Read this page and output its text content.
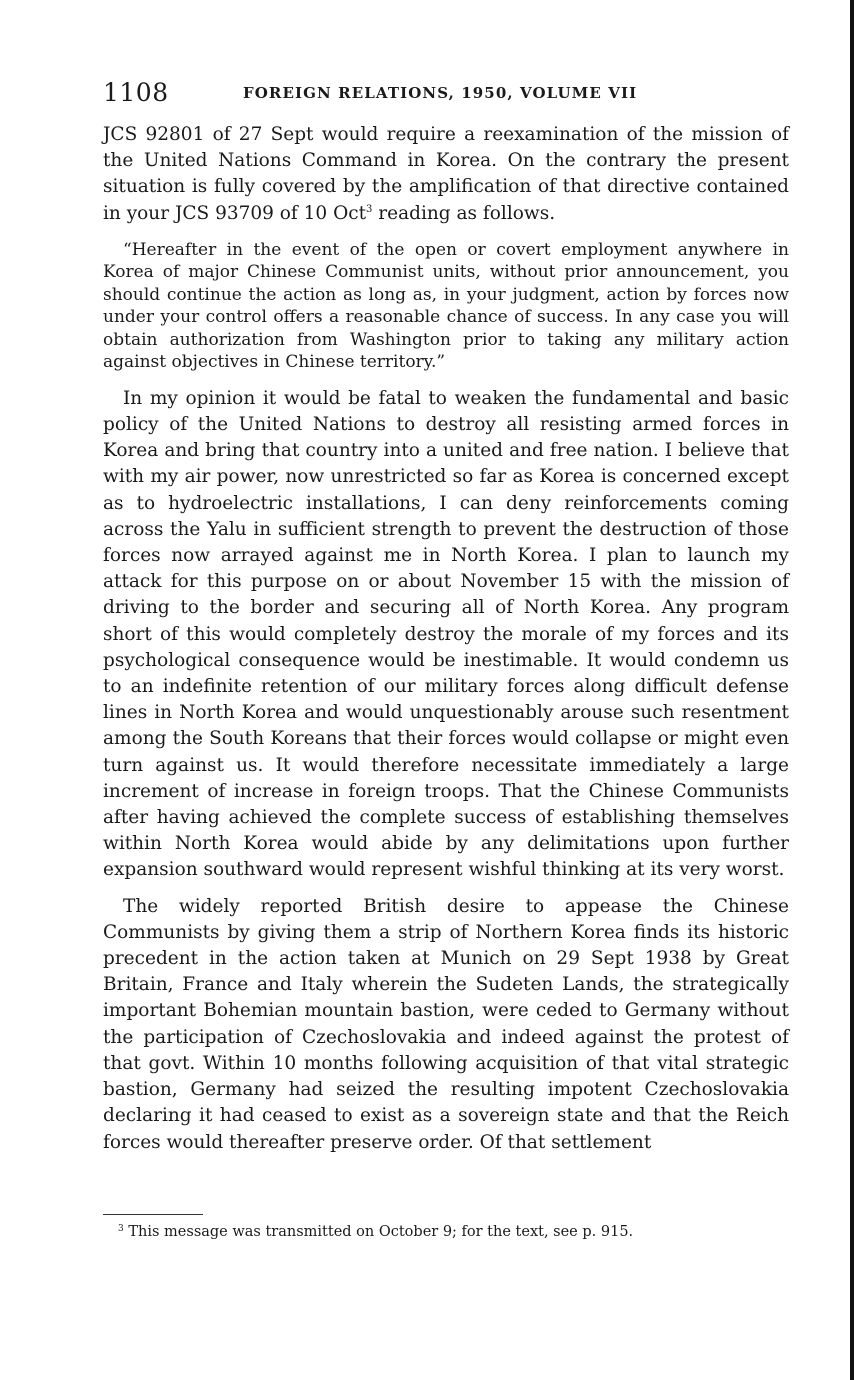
1108	FOREIGN RELATIONS, 1950, VOLUME VII

JCS 92801 of 27 Sept would require a reexamination of the mission of the United Nations Command in Korea. On the contrary the present situation is fully covered by the amplification of that directive contained in your JCS 93709 of 10 Oct$^3$ reading as follows.

“Hereafter in the event of the open or covert employment anywhere in Korea of major Chinese Communist units, without prior announcement, you should continue the action as long as, in your judgment, action by forces now under your control offers a reasonable chance of success. In any case you will obtain authorization from Washington prior to taking any military action against objectives in Chinese territory.”

In my opinion it would be fatal to weaken the fundamental and basic policy of the United Nations to destroy all resisting armed forces in Korea and bring that country into a united and free nation. I believe that with my air power, now unrestricted so far as Korea is concerned except as to hydroelectric installations, I can deny reinforcements coming across the Yalu in sufficient strength to prevent the destruction of those forces now arrayed against me in North Korea. I plan to launch my attack for this purpose on or about November 15 with the mission of driving to the border and securing all of North Korea. Any program short of this would completely destroy the morale of my forces and its psychological consequence would be inestimable. It would condemn us to an indefinite retention of our military forces along difficult defense lines in North Korea and would unquestionably arouse such resentment among the South Koreans that their forces would collapse or might even turn against us. It would therefore necessitate immediately a large increment of increase in foreign troops. That the Chinese Communists after having achieved the complete success of establishing themselves within North Korea would abide by any delimitations upon further expansion southward would represent wishful thinking at its very worst.

The widely reported British desire to appease the Chinese Communists by giving them a strip of Northern Korea finds its historic precedent in the action taken at Munich on 29 Sept 1938 by Great Britain, France and Italy wherein the Sudeten Lands, the strategically important Bohemian mountain bastion, were ceded to Germany without the participation of Czechoslovakia and indeed against the protest of that govt. Within 10 months following acquisition of that vital strategic bastion, Germany had seized the resulting impotent Czechoslovakia declaring it had ceased to exist as a sovereign state and that the Reich forces would thereafter preserve order. Of that settlement

$^3$ This message was transmitted on October 9; for the text, see p. 915.
